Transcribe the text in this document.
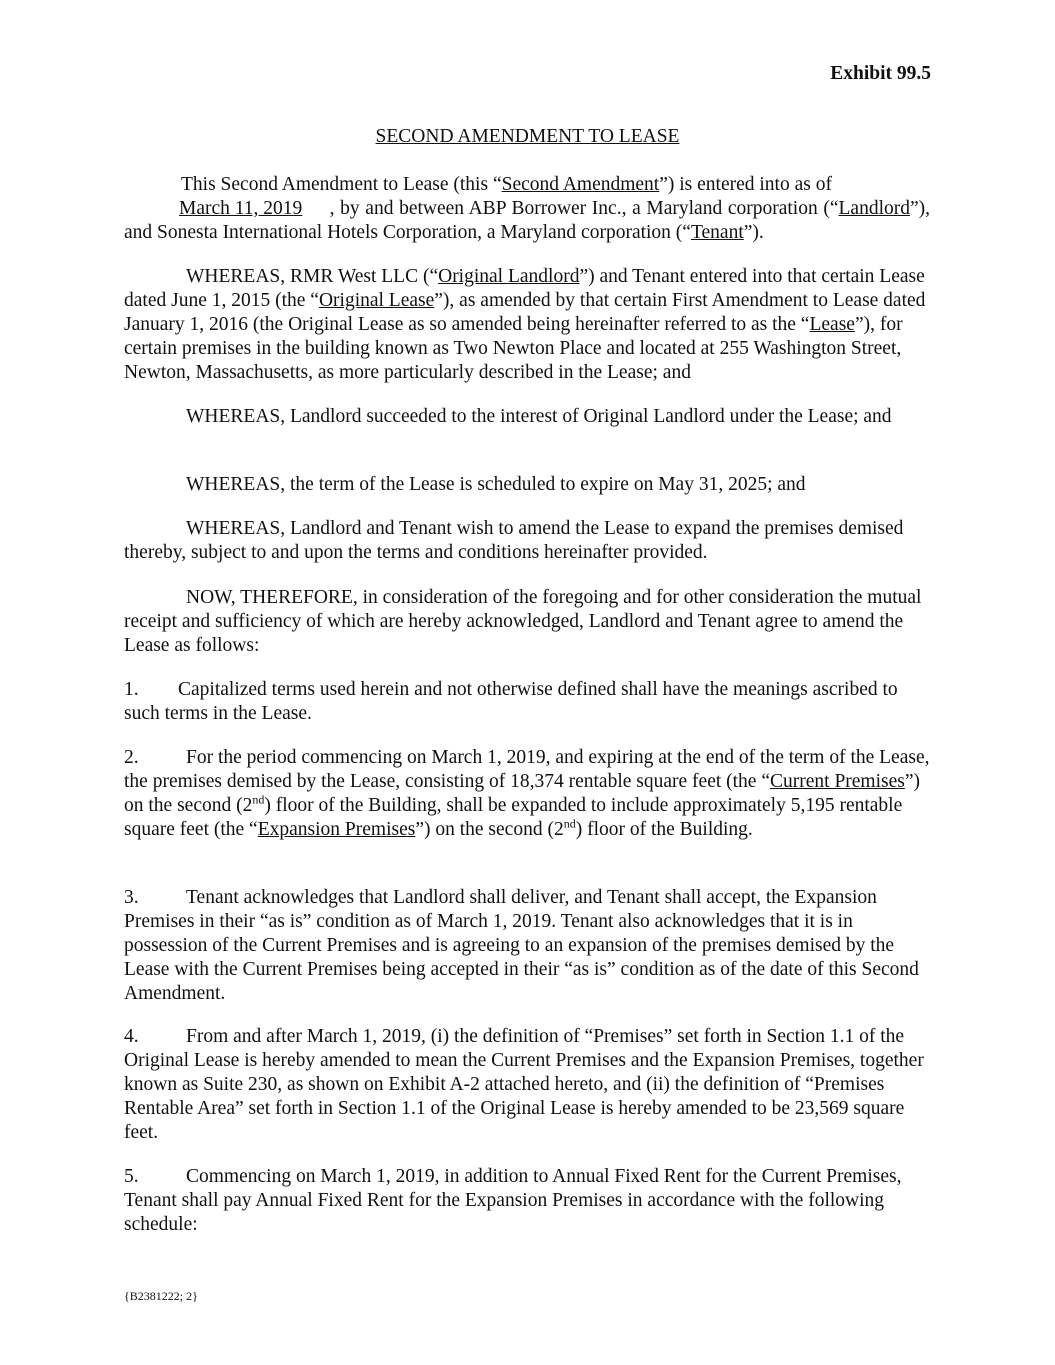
Exhibit 99.5
SECOND AMENDMENT TO LEASE
This Second Amendment to Lease (this “Second Amendment”) is entered into as of
March 11, 2019 , by and between ABP Borrower Inc., a Maryland corporation (“Landlord”), and Sonesta International Hotels Corporation, a Maryland corporation (“Tenant”).
WHEREAS, RMR West LLC (“Original Landlord”) and Tenant entered into that certain Lease dated June 1, 2015 (the “Original Lease”), as amended by that certain First Amendment to Lease dated January 1, 2016 (the Original Lease as so amended being hereinafter referred to as the “Lease”), for certain premises in the building known as Two Newton Place and located at 255 Washington Street, Newton, Massachusetts, as more particularly described in the Lease; and
WHEREAS, Landlord succeeded to the interest of Original Landlord under the Lease; and
WHEREAS, the term of the Lease is scheduled to expire on May 31, 2025; and
WHEREAS, Landlord and Tenant wish to amend the Lease to expand the premises demised thereby, subject to and upon the terms and conditions hereinafter provided.
NOW, THEREFORE, in consideration of the foregoing and for other consideration the mutual receipt and sufficiency of which are hereby acknowledged, Landlord and Tenant agree to amend the Lease as follows:
1. Capitalized terms used herein and not otherwise defined shall have the meanings ascribed to such terms in the Lease.
2. For the period commencing on March 1, 2019, and expiring at the end of the term of the Lease, the premises demised by the Lease, consisting of 18,374 rentable square feet (the “Current Premises”) on the second (2nd) floor of the Building, shall be expanded to include approximately 5,195 rentable square feet (the “Expansion Premises”) on the second (2nd) floor of the Building.
3. Tenant acknowledges that Landlord shall deliver, and Tenant shall accept, the Expansion Premises in their “as is” condition as of March 1, 2019. Tenant also acknowledges that it is in possession of the Current Premises and is agreeing to an expansion of the premises demised by the Lease with the Current Premises being accepted in their “as is” condition as of the date of this Second Amendment.
4. From and after March 1, 2019, (i) the definition of “Premises” set forth in Section 1.1 of the Original Lease is hereby amended to mean the Current Premises and the Expansion Premises, together known as Suite 230, as shown on Exhibit A-2 attached hereto, and (ii) the definition of “Premises Rentable Area” set forth in Section 1.1 of the Original Lease is hereby amended to be 23,569 square feet.
5. Commencing on March 1, 2019, in addition to Annual Fixed Rent for the Current Premises, Tenant shall pay Annual Fixed Rent for the Expansion Premises in accordance with the following schedule:
{B2381222; 2}
